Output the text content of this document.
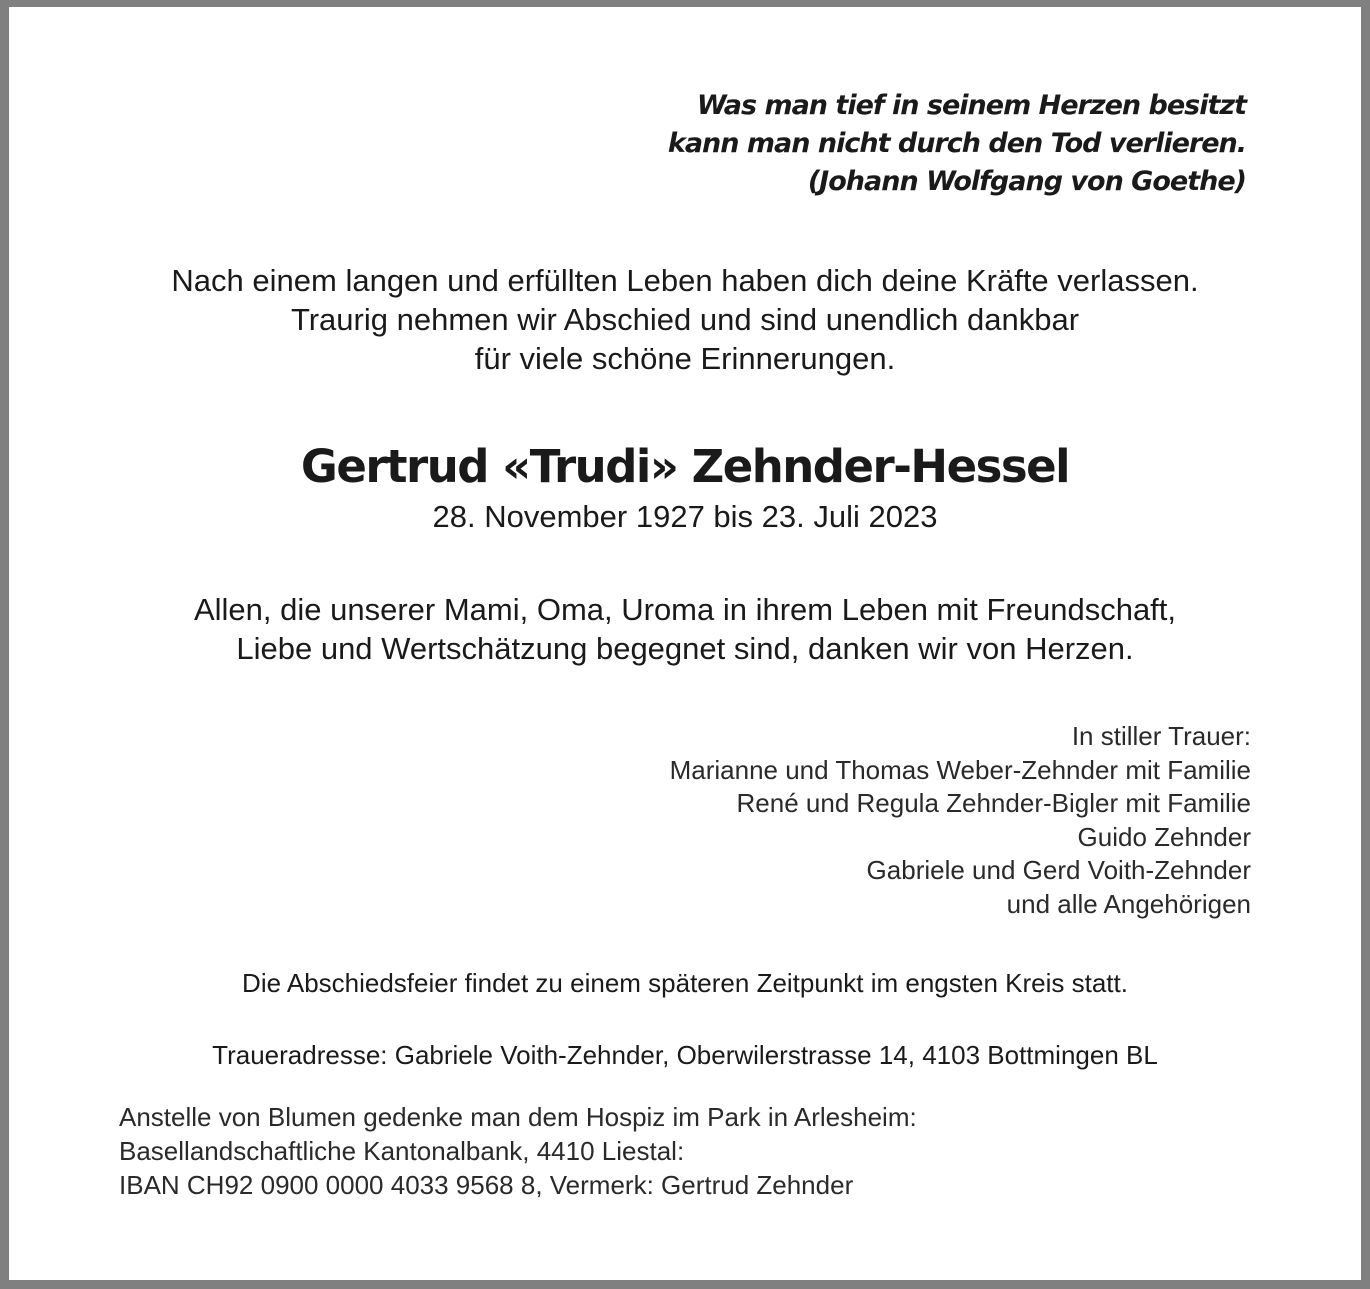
Was man tief in seinem Herzen besitzt
kann man nicht durch den Tod verlieren.
(Johann Wolfgang von Goethe)
Nach einem langen und erfüllten Leben haben dich deine Kräfte verlassen.
Traurig nehmen wir Abschied und sind unendlich dankbar
für viele schöne Erinnerungen.
Gertrud «Trudi» Zehnder-Hessel
28. November 1927 bis 23. Juli 2023
Allen, die unserer Mami, Oma, Uroma in ihrem Leben mit Freundschaft,
Liebe und Wertschätzung begegnet sind, danken wir von Herzen.
In stiller Trauer:
Marianne und Thomas Weber-Zehnder mit Familie
René und Regula Zehnder-Bigler mit Familie
Guido Zehnder
Gabriele und Gerd Voith-Zehnder
und alle Angehörigen
Die Abschiedsfeier findet zu einem späteren Zeitpunkt im engsten Kreis statt.
Traueradresse: Gabriele Voith-Zehnder, Oberwilerstrasse 14, 4103 Bottmingen BL
Anstelle von Blumen gedenke man dem Hospiz im Park in Arlesheim:
Basellandschaftliche Kantonalbank, 4410 Liestal:
IBAN CH92 0900 0000 4033 9568 8, Vermerk: Gertrud Zehnder
